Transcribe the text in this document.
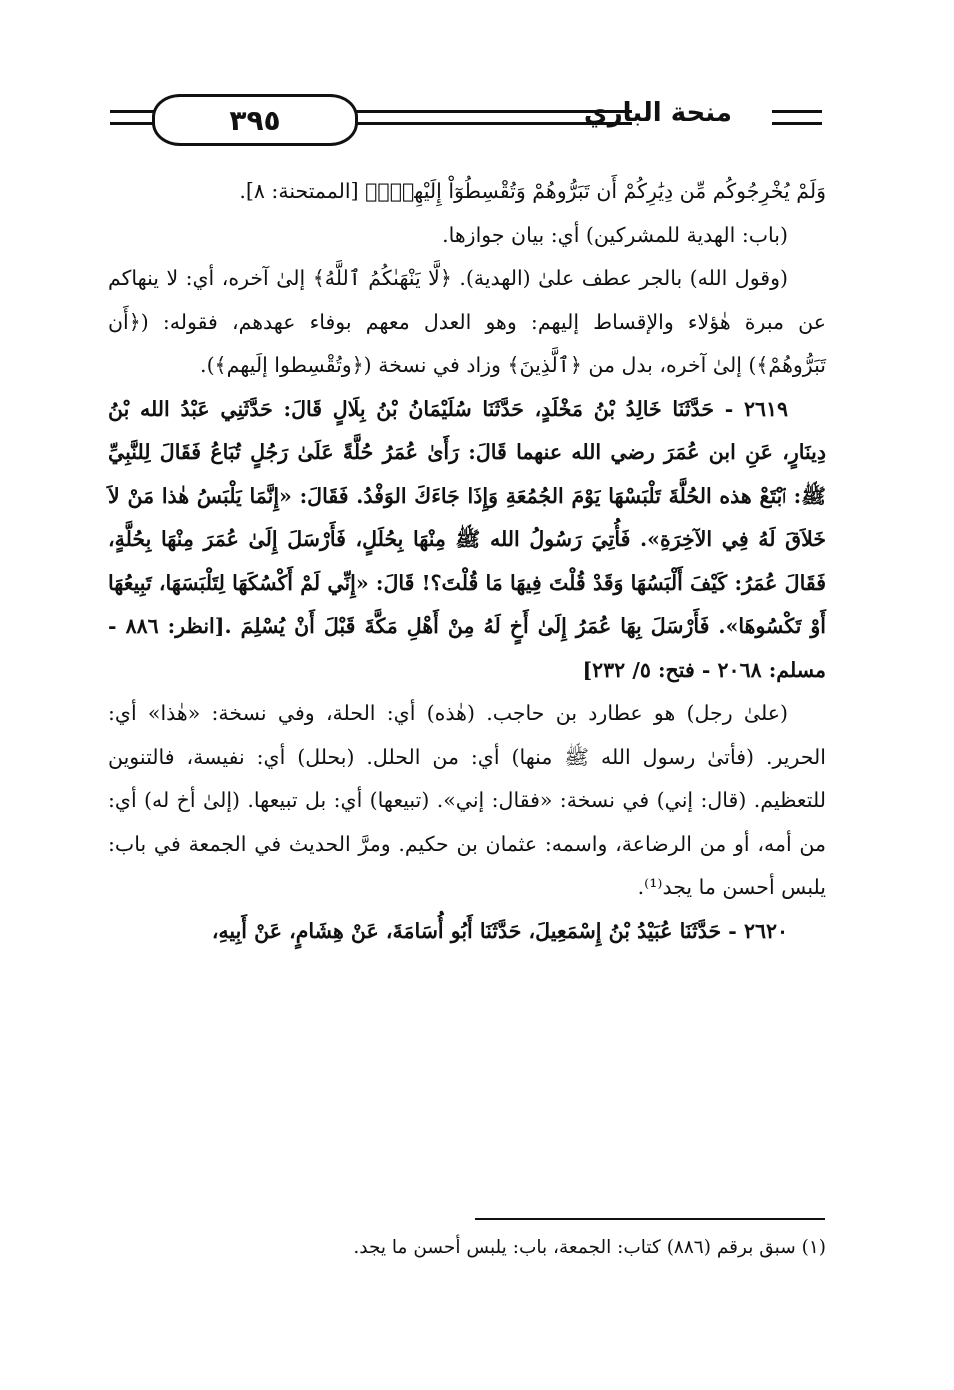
٣٩٥	منحة الباري

وَلَمْ يُخْرِجُوكُم مِّن دِيَٰرِكُمْ أَن تَبَرُّوهُمْ وَتُقْسِطُوٓاْ إِلَيْهِمْۚ﴾ [الممتحنة: ٨].

(باب: الهدية للمشركين) أي: بيان جوازها.

(وقول الله) بالجر عطف علىٰ (الهدية). ﴿لَّا يَنْهَىٰكُمُ ٱللَّهُ﴾ إلىٰ آخره، أي: لا ينهاكم عن مبرة هٰؤلاء والإقساط إليهم: وهو العدل معهم بوفاء عهدهم، فقوله: (﴿أَن تَبَرُّوهُمْ﴾) إلىٰ آخره، بدل من ﴿ٱلَّذِينَ﴾ وزاد في نسخة (﴿وتُقْسِطوا إلَيهم﴾).

٢٦١٩ - حَدَّثَنَا خَالِدُ بْنُ مَخْلَدٍ، حَدَّثَنَا سُلَيْمَانُ بْنُ بِلَالٍ قَالَ: حَدَّثَنِي عَبْدُ الله بْنُ دِينَارٍ، عَنِ ابن عُمَرَ رضي الله عنهما قَالَ: رَأَىٰ عُمَرُ حُلَّةً عَلَىٰ رَجُلٍ تُبَاعُ فَقَالَ لِلنَّبِيِّ ﷺ: ٱبْتَعْ هذه الحُلَّةَ تَلْبَسْهَا يَوْمَ الجُمُعَةِ وَإِذَا جَاءَكَ الوَفْدُ. فَقَالَ: «إِنَّمَا يَلْبَسُ هٰذا مَنْ لاَ خَلاَقَ لَهُ فِي الآخِرَةِ». فَأُتِيَ رَسُولُ الله ﷺ مِنْهَا بِحُلَلٍ، فَأَرْسَلَ إِلَىٰ عُمَرَ مِنْهَا بِحُلَّةٍ، فَقَالَ عُمَرُ: كَيْفَ أَلْبَسُهَا وَقَدْ قُلْتَ فِيهَا مَا قُلْتَ؟! قَالَ: «إِنِّي لَمْ أَكْسُكَهَا لِتَلْبَسَهَا، تَبِيعُهَا أَوْ تَكْسُوهَا». فَأَرْسَلَ بِهَا عُمَرُ إِلَىٰ أَخٍ لَهُ مِنْ أَهْلِ مَكَّةَ قَبْلَ أَنْ يُسْلِمَ .[انظر: ٨٨٦ - مسلم: ٢٠٦٨ - فتح: ٥/ ٢٣٢]

(علىٰ رجل) هو عطارد بن حاجب. (هٰذه) أي: الحلة، وفي نسخة: «هٰذا» أي: الحرير. (فأتىٰ رسول الله ﷺ منها) أي: من الحلل. (بحلل) أي: نفيسة، فالتنوين للتعظيم. (قال: إني) في نسخة: «فقال: إني». (تبيعها) أي: بل تبيعها. (إلىٰ أخ له) أي: من أمه، أو من الرضاعة، واسمه: عثمان بن حكيم. ومرَّ الحديث في الجمعة في باب: يلبس أحسن ما يجد⁽¹⁾.

٢٦٢٠ - حَدَّثَنَا عُبَيْدُ بْنُ إِسْمَعِيلَ، حَدَّثَنَا أَبُو أُسَامَةَ، عَنْ هِشَامٍ، عَنْ أَبِيهِ،

(١) سبق برقم (٨٨٦) كتاب: الجمعة، باب: يلبس أحسن ما يجد.
